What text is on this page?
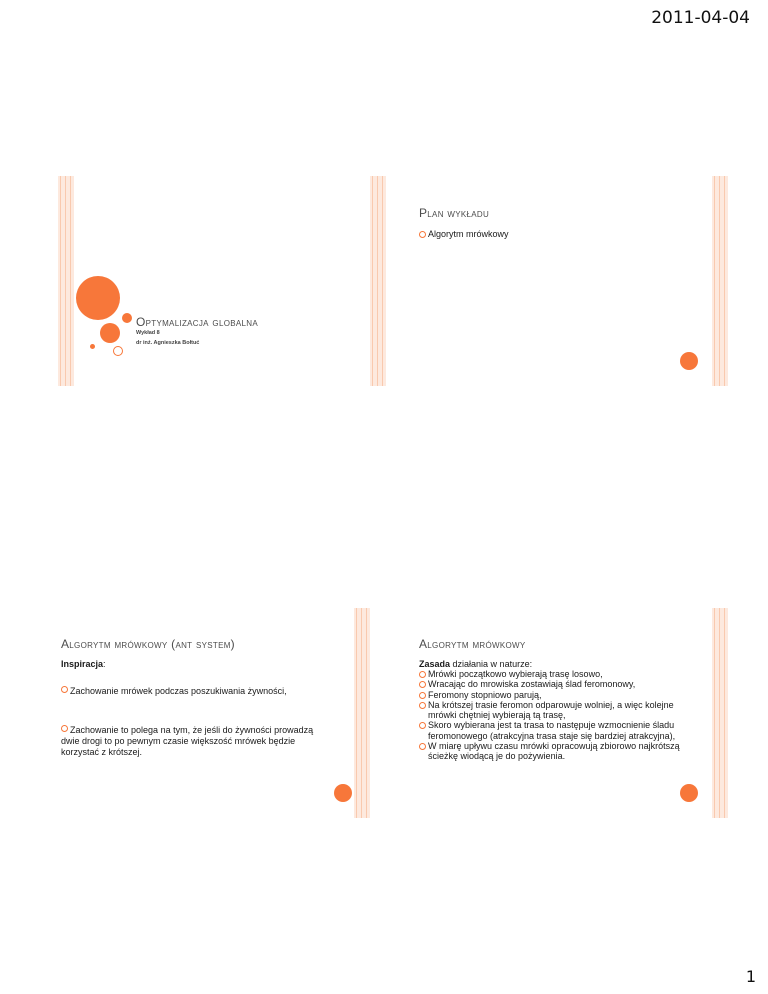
2011-04-04
Optymalizacja globalna
Wykład 8
dr inż. Agnieszka Bołtuć
Plan wykładu
Algorytm mrówkowy
Algorytm mrówkowy (ant system)
Inspiracja:
Zachowanie mrówek podczas poszukiwania żywności,
Zachowanie to polega na tym, że jeśli do żywności prowadzą dwie drogi to po pewnym czasie większość mrówek będzie korzystać z krótszej.
Algorytm mrówkowy
Zasada działania w naturze:
Mrówki początkowo wybierają trasę losowo,
Wracając do mrowiska zostawiają ślad feromonowy,
Feromony stopniowo parują,
Na krótszej trasie feromon odparowuje wolniej, a więc kolejne mrówki chętniej wybierają tą trasę,
Skoro wybierana jest ta trasa to następuje wzmocnienie śladu feromonowego (atrakcyjna trasa staje się bardziej atrakcyjna),
W miarę upływu czasu mrówki opracowują zbiorowo najkrótszą ścieżkę wiodącą je do pożywienia.
1
